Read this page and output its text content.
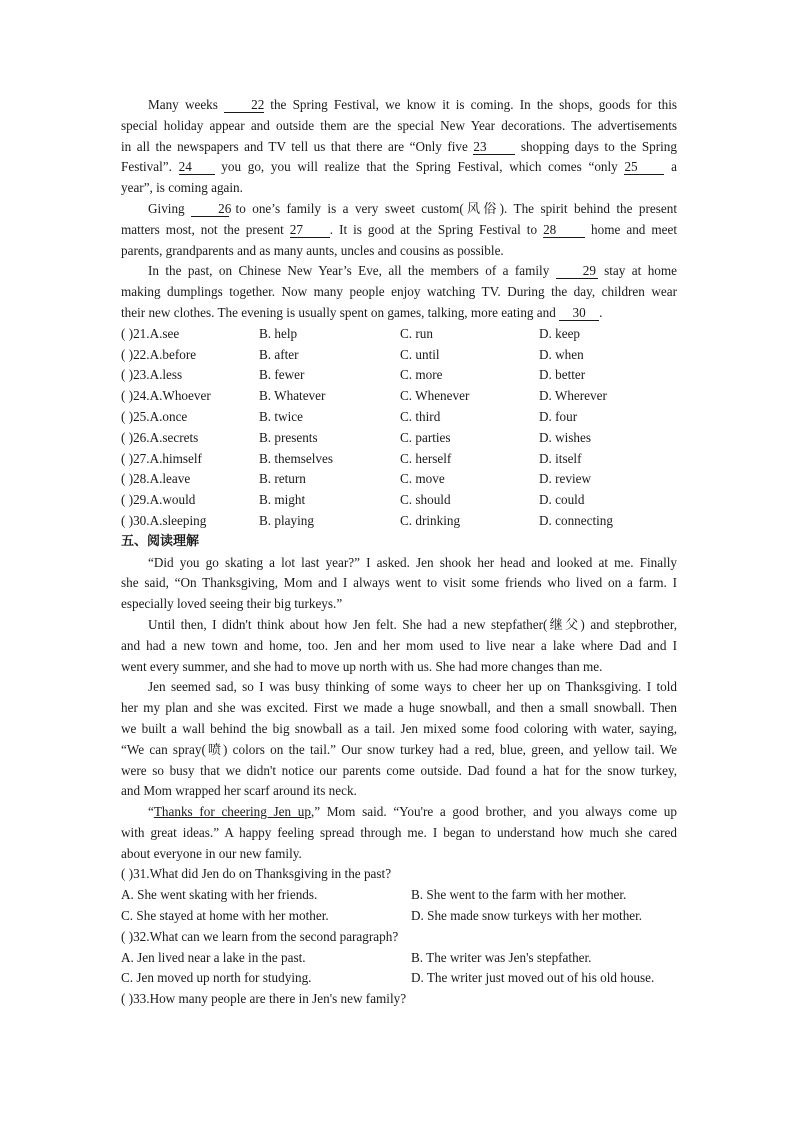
Many weeks 22 the Spring Festival, we know it is coming. In the shops, goods for this
special holiday appear and outside them are the special New Year decorations. The advertisements
in all the newspapers and TV tell us that there are “Only five 23 shopping days to the Spring
Festival”. 24 you go, you will realize that the Spring Festival, which comes “only 25 a
year”, is coming again.
Giving 26 to one’s family is a very sweet custom(风俗). The spirit behind the present
matters most, not the present 27 . It is good at the Spring Festival to 28 home and meet
parents, grandparents and as many aunts, uncles and cousins as possible.
In the past, on Chinese New Year’s Eve, all the members of a family 29 stay at home
making dumplings together. Now many people enjoy watching TV. During the day, children wear
their new clothes. The evening is usually spent on games, talking, more eating and 30 .
( )21.A.see	B. help	C. run	D. keep
( )22.A.before	B. after	C. until	D. when
( )23.A.less	B. fewer	C. more	D. better
( )24.A.Whoever	B. Whatever	C. Whenever	D. Wherever
( )25.A.once	B. twice	C. third	D. four
( )26.A.secrets	B. presents	C. parties	D. wishes
( )27.A.himself	B. themselves	C. herself	D. itself
( )28.A.leave	B. return	C. move	D. review
( )29.A.would	B. might	C. should	D. could
( )30.A.sleeping	B. playing	C. drinking	D. connecting
五、阅读理解
“Did you go skating a lot last year?” I asked. Jen shook her head and looked at me. Finally
she said, “On Thanksgiving, Mom and I always went to visit some friends who lived on a farm. I
especially loved seeing their big turkeys.”
Until then, I didn't think about how Jen felt. She had a new stepfather(继父) and stepbrother,
and had a new town and home, too. Jen and her mom used to live near a lake where Dad and I
went every summer, and she had to move up north with us. She had more changes than me.
Jen seemed sad, so I was busy thinking of some ways to cheer her up on Thanksgiving. I told
her my plan and she was excited. First we made a huge snowball, and then a small snowball. Then
we built a wall behind the big snowball as a tail. Jen mixed some food coloring with water, saying,
“We can spray(喷) colors on the tail.” Our snow turkey had a red, blue, green, and yellow tail. We
were so busy that we didn't notice our parents come outside. Dad found a hat for the snow turkey,
and Mom wrapped her scarf around its neck.
“Thanks for cheering Jen up,” Mom said. “You're a good brother, and you always come up
with great ideas.” A happy feeling spread through me. I began to understand how much she cared
about everyone in our new family.
( )31.What did Jen do on Thanksgiving in the past?
A. She went skating with her friends.	B. She went to the farm with her mother.
C. She stayed at home with her mother.	D. She made snow turkeys with her mother.
( )32.What can we learn from the second paragraph?
A. Jen lived near a lake in the past.	B. The writer was Jen's stepfather.
C. Jen moved up north for studying.	D. The writer just moved out of his old house.
( )33.How many people are there in Jen's new family?
